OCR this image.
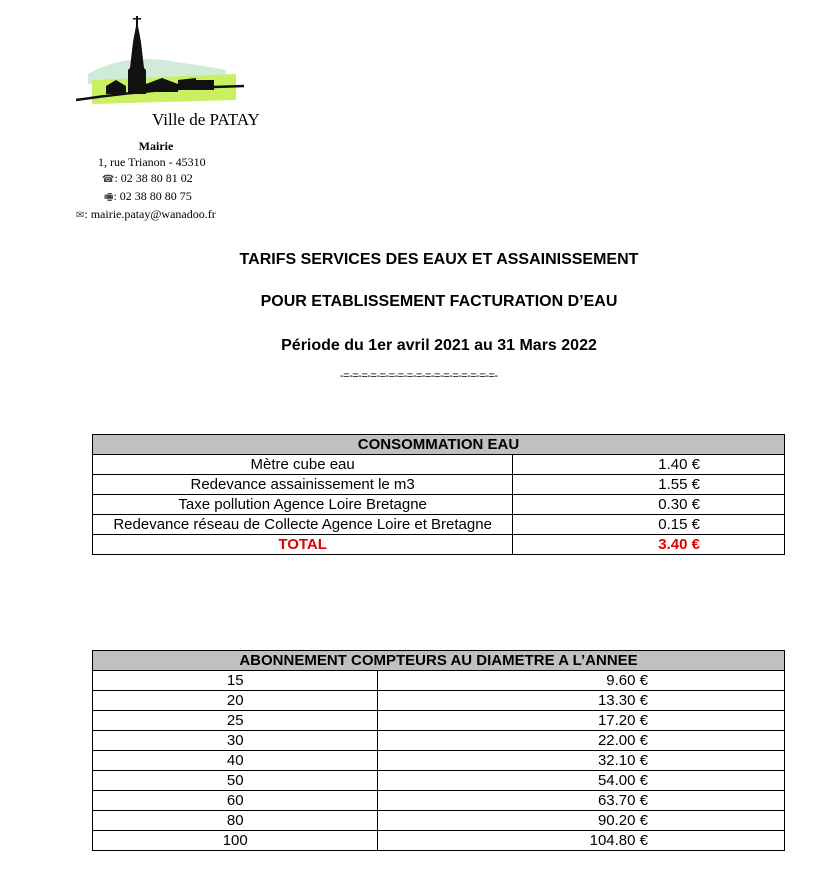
Ville de PATAY
Mairie
1, rue Trianon - 45310
☎: 02 38 80 81 02
🖷: 02 38 80 80 75
✉: mairie.patay@wanadoo.fr
TARIFS SERVICES DES EAUX ET ASSAINISSEMENT
POUR ETABLISSEMENT FACTURATION D’EAU
Période du 1er avril 2021 au 31 Mars 2022
-=-=-=-=-=-=-=-=-=-=-=-=-=-=-=-=-=-
CONSOMMATION EAU	
Mètre cube eau	1.40 €
Redevance assainissement le m3	1.55 €
Taxe pollution Agence Loire Bretagne	0.30 €
Redevance réseau de Collecte Agence Loire et Bretagne	0.15 €
TOTAL	3.40 €
ABONNEMENT COMPTEURS AU DIAMETRE A L’ANNEE	
15	9.60 €
20	13.30 €
25	17.20 €
30	22.00 €
40	32.10 €
50	54.00 €
60	63.70 €
80	90.20 €
100	104.80 €
